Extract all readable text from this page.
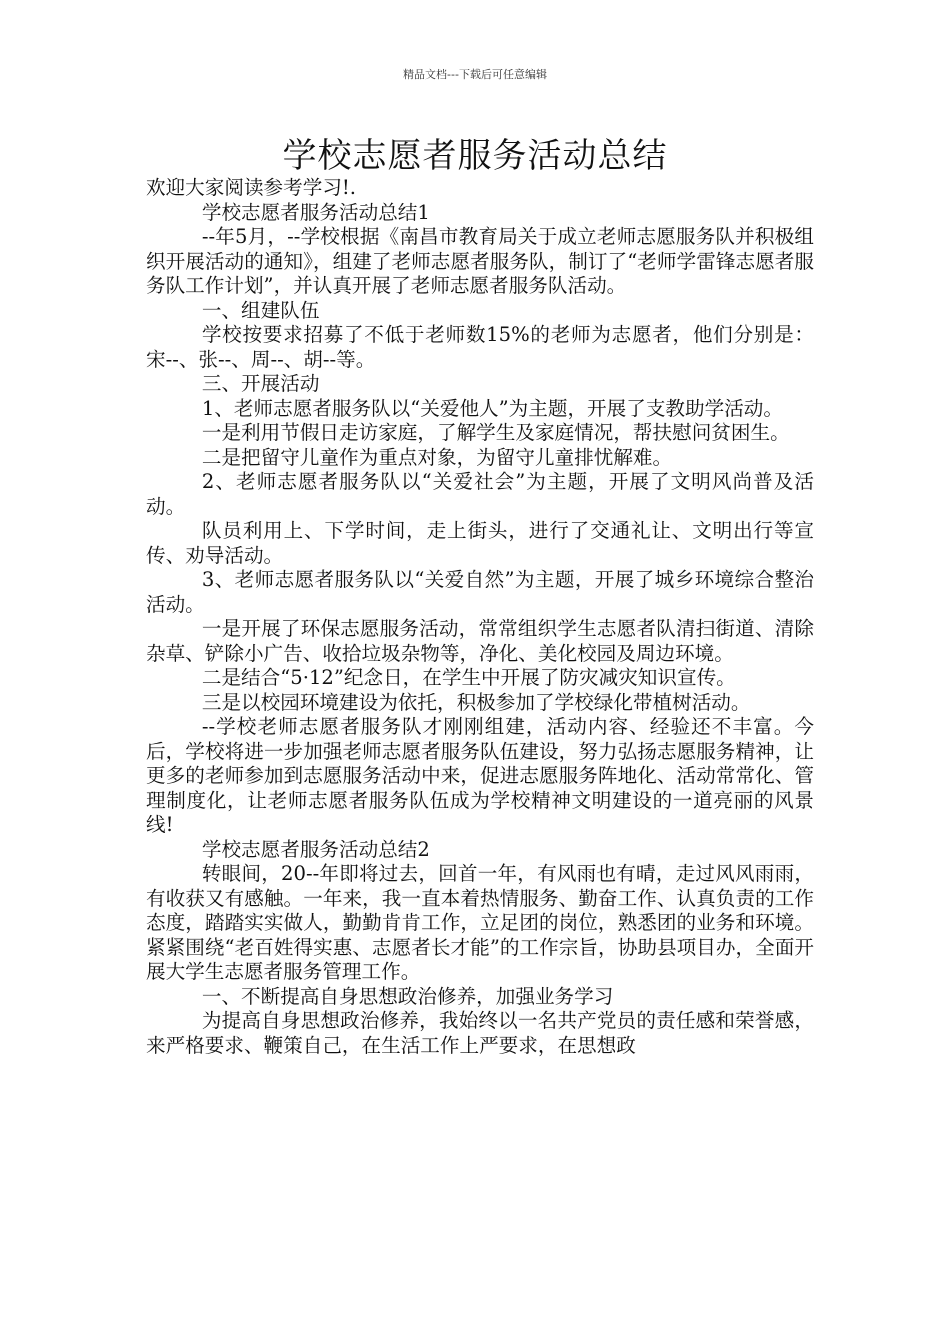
精品文档---下载后可任意编辑
学校志愿者服务活动总结

欢迎大家阅读参考学习!.

学校志愿者服务活动总结1

--年5月，--学校根据《南昌市教育局关于成立老师志愿服务队并积极组织开展活动的通知》，组建了老师志愿者服务队，制订了“老师学雷锋志愿者服务队工作计划”，并认真开展了老师志愿者服务队活动。

一、组建队伍

学校按要求招募了不低于老师数15%的老师为志愿者，他们分别是：宋--、张--、周--、胡--等。

三、开展活动

1、老师志愿者服务队以“关爱他人”为主题，开展了支教助学活动。

一是利用节假日走访家庭，了解学生及家庭情况，帮扶慰问贫困生。

二是把留守儿童作为重点对象，为留守儿童排忧解难。

2、老师志愿者服务队以“关爱社会”为主题，开展了文明风尚普及活动。

队员利用上、下学时间，走上街头，进行了交通礼让、文明出行等宣传、劝导活动。

3、老师志愿者服务队以“关爱自然”为主题，开展了城乡环境综合整治活动。

一是开展了环保志愿服务活动，常常组织学生志愿者队清扫街道、清除杂草、铲除小广告、收拾垃圾杂物等，净化、美化校园及周边环境。

二是结合“5·12”纪念日，在学生中开展了防灾减灾知识宣传。

三是以校园环境建设为依托，积极参加了学校绿化带植树活动。

--学校老师志愿者服务队才刚刚组建，活动内容、经验还不丰富。今后，学校将进一步加强老师志愿者服务队伍建设，努力弘扬志愿服务精神，让更多的老师参加到志愿服务活动中来，促进志愿服务阵地化、活动常常化、管理制度化，让老师志愿者服务队伍成为学校精神文明建设的一道亮丽的风景线!

学校志愿者服务活动总结2

转眼间，20--年即将过去，回首一年，有风雨也有晴，走过风风雨雨，有收获又有感触。一年来，我一直本着热情服务、勤奋工作、认真负责的工作态度，踏踏实实做人，勤勤肯肯工作，立足团的岗位，熟悉团的业务和环境。紧紧围绕“老百姓得实惠、志愿者长才能”的工作宗旨，协助县项目办，全面开展大学生志愿者服务管理工作。

一、不断提高自身思想政治修养，加强业务学习

为提高自身思想政治修养，我始终以一名共产党员的责任感和荣誉感，来严格要求、鞭策自己，在生活工作上严要求，在思想政
